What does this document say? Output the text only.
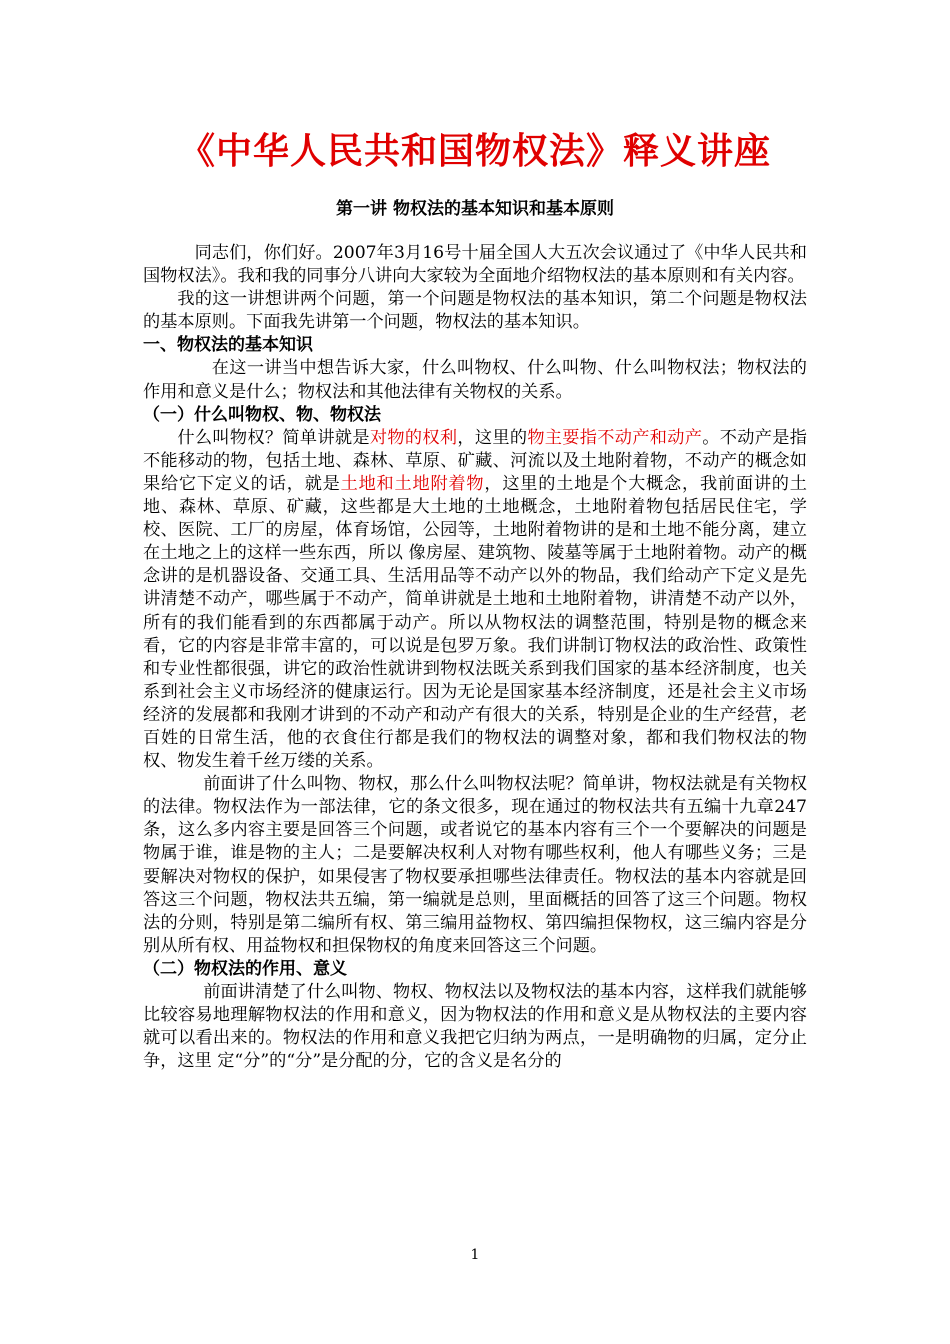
《中华人民共和国物权法》释义讲座
第一讲 物权法的基本知识和基本原则

同志们，你们好。2007年3月16号十届全国人大五次会议通过了《中华人民共和国物权法》。我和我的同事分八讲向大家较为全面地介绍物权法的基本原则和有关内容。

我的这一讲想讲两个问题，第一个问题是物权法的基本知识，第二个问题是物权法的基本原则。下面我先讲第一个问题，物权法的基本知识。

一、物权法的基本知识

在这一讲当中想告诉大家，什么叫物权、什么叫物、什么叫物权法；物权法的作用和意义是什么；物权法和其他法律有关物权的关系。

（一）什么叫物权、物、物权法

什么叫物权？简单讲就是对物的权利，这里的物主要指不动产和动产。不动产是指不能移动的物，包括土地、森林、草原、矿藏、河流以及土地附着物，不动产的概念如果给它下定义的话，就是土地和土地附着物，这里的土地是个大概念，我前面讲的土地、森林、草原、矿藏，这些都是大土地的土地概念，土地附着物包括居民住宅，学校、医院、工厂的房屋，体育场馆，公园等，土地附着物讲的是和土地不能分离，建立在土地之上的这样一些东西，所以 像房屋、建筑物、陵墓等属于土地附着物。动产的概念讲的是机器设备、交通工具、生活用品等不动产以外的物品，我们给动产下定义是先讲清楚不动产，哪些属于不动产，简单讲就是土地和土地附着物，讲清楚不动产以外，所有的我们能看到的东西都属于动产。所以从物权法的调整范围，特别是物的概念来看，它的内容是非常丰富的，可以说是包罗万象。我们讲制订物权法的政治性、政策性和专业性都很强，讲它的政治性就讲到物权法既关系到我们国家的基本经济制度，也关系到社会主义市场经济的健康运行。因为无论是国家基本经济制度，还是社会主义市场经济的发展都和我刚才讲到的不动产和动产有很大的关系，特别是企业的生产经营，老百姓的日常生活，他的衣食住行都是我们的物权法的调整对象，都和我们物权法的物权、物发生着千丝万缕的关系。

前面讲了什么叫物、物权，那么什么叫物权法呢？简单讲，物权法就是有关物权的法律。物权法作为一部法律，它的条文很多，现在通过的物权法共有五编十九章247条，这么多内容主要是回答三个问题，或者说它的基本内容有三个一个要解决的问题是物属于谁，谁是物的主人；二是要解决权利人对物有哪些权利，他人有哪些义务；三是要解决对物权的保护，如果侵害了物权要承担哪些法律责任。物权法的基本内容就是回答这三个问题，物权法共五编，第一编就是总则，里面概括的回答了这三个问题。物权法的分则，特别是第二编所有权、第三编用益物权、第四编担保物权，这三编内容是分别从所有权、用益物权和担保物权的角度来回答这三个问题。

（二）物权法的作用、意义

前面讲清楚了什么叫物、物权、物权法以及物权法的基本内容，这样我们就能够比较容易地理解物权法的作用和意义，因为物权法的作用和意义是从物权法的主要内容就可以看出来的。物权法的作用和意义我把它归纳为两点，一是明确物的归属，定分止争，这里 定“分”的“分”是分配的分，它的含义是名分的

1
